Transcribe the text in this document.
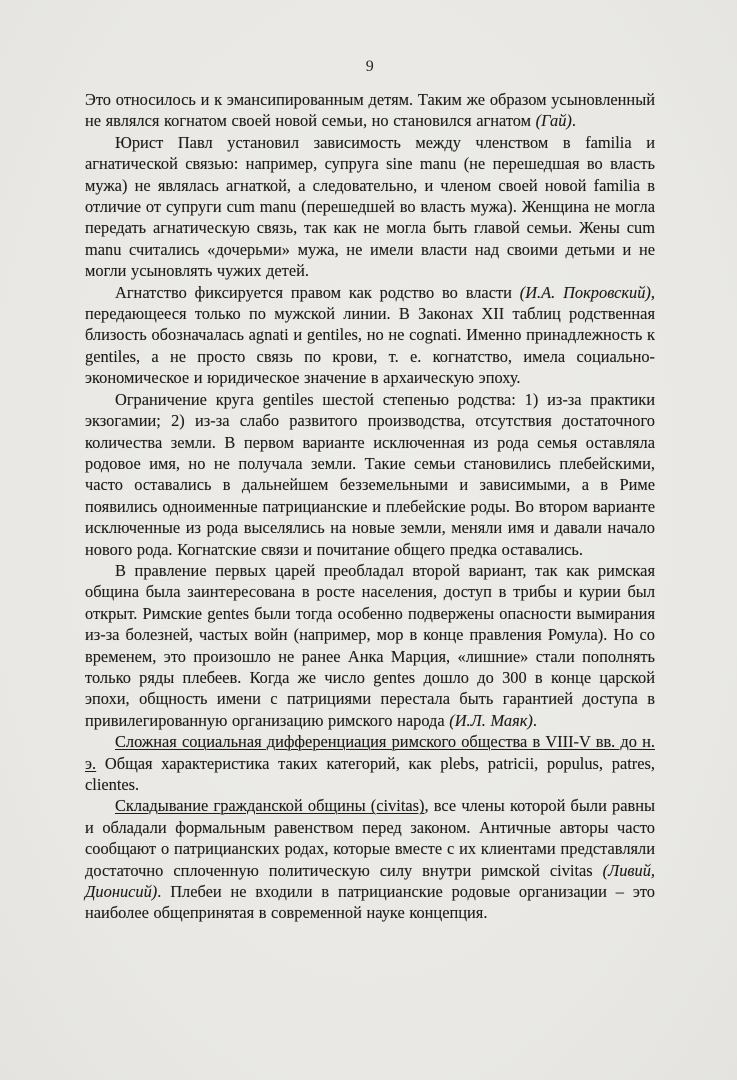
9

Это относилось и к эмансипированным детям. Таким же образом усыновленный не являлся когнатом своей новой семьи, но становился агнатом (Гай).

Юрист Павл установил зависимость между членством в familia и агнатической связью: например, супруга sine manu (не перешедшая во власть мужа) не являлась агнаткой, а следовательно, и членом своей новой familia в отличие от супруги cum manu (перешедшей во власть мужа). Женщина не могла передать агнатическую связь, так как не могла быть главой семьи. Жены cum manu считались «дочерьми» мужа, не имели власти над своими детьми и не могли усыновлять чужих детей.

Агнатство фиксируется правом как родство во власти (И.А. Покровский), передающееся только по мужской линии. В Законах XII таблиц родственная близость обозначалась agnati и gentiles, но не cognati. Именно принадлежность к gentiles, а не просто связь по крови, т. е. когнатство, имела социально-экономическое и юридическое значение в архаическую эпоху.

Ограничение круга gentiles шестой степенью родства: 1) из-за практики экзогамии; 2) из-за слабо развитого производства, отсутствия достаточного количества земли. В первом варианте исключенная из рода семья оставляла родовое имя, но не получала земли. Такие семьи становились плебейскими, часто оставались в дальнейшем безземельными и зависимыми, а в Риме появились одноименные патрицианские и плебейские роды. Во втором варианте исключенные из рода выселялись на новые земли, меняли имя и давали начало нового рода. Когнатские связи и почитание общего предка оставались.

В правление первых царей преобладал второй вариант, так как римская община была заинтересована в росте населения, доступ в трибы и курии был открыт. Римские gentes были тогда особенно подвержены опасности вымирания из-за болезней, частых войн (например, мор в конце правления Ромула). Но со временем, это произошло не ранее Анка Марция, «лишние» стали пополнять только ряды плебеев. Когда же число gentes дошло до 300 в конце царской эпохи, общность имени с патрициями перестала быть гарантией доступа в привилегированную организацию римского народа (И.Л. Маяк).

Сложная социальная дифференциация римского общества в VIII-V вв. до н. э. Общая характеристика таких категорий, как plebs, patricii, populus, patres, clientes.

Складывание гражданской общины (civitas), все члены которой были равны и обладали формальным равенством перед законом. Античные авторы часто сообщают о патрицианских родах, которые вместе с их клиентами представляли достаточно сплоченную политическую силу внутри римской civitas (Ливий, Дионисий). Плебеи не входили в патрицианские родовые организации – это наиболее общепринятая в современной науке концепция.
